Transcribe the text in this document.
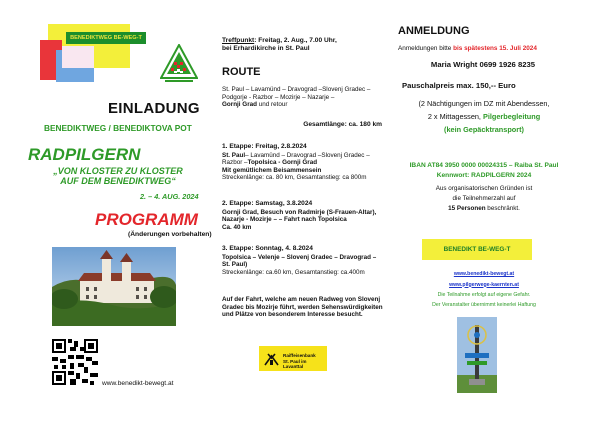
BENEDIKTWEG BE-WEG-T
EINLADUNG
BENEDIKTWEG / BENEDIKTOVA POT
RADPILGERN
„VON KLOSTER ZU KLOSTER
AUF DEM BENEDIKTWEG“
2. – 4. AUG. 2024
PROGRAMM
(Änderungen vorbehalten)
www.benedikt-bewegt.at
Treffpunkt: Freitag, 2. Aug., 7.00 Uhr,
bei Erhardikirche in St. Paul
ROUTE
St. Paul – Lavamünd – Dravograd –Slovenj Gradec – Podgorje - Razbor – Mozirje – Nazarje –
Gornji Grad und retour
Gesamtlänge: ca. 180 km
1. Etappe: Freitag, 2.8.2024
St. Paul– Lavamünd – Dravograd –Slovenj Gradec –
Razbor –Topolsica - Gornji Grad
Mit gemütlichem Beisammensein
Streckenlänge: ca. 80 km, Gesamtanstieg: ca 800m
2. Etappe: Samstag, 3.8.2024
Gornji Grad, Besuch von Radmirje (S-Frauen-Altar),
Nazarje - Mozirje – – Fahrt nach Topolsica
Ca. 40 km
3. Etappe: Sonntag, 4. 8.2024
Topolsica – Velenje – Slovenj Gradec – Dravograd –
St. Paul)
Streckenlänge: ca.60 km, Gesamtanstieg: ca.400m
Auf der Fahrt, welche am neuen Radweg von Slovenj Gradec bis Mozirje führt, werden Sehenswürdigkeiten und Plätze von besonderem Interesse besucht.
Raiffeisenbank
St. Paul im Lavanttal
ANMELDUNG
Anmeldungen bitte bis spätestens 15. Juli 2024
Maria Wright 0699 1926 8235
Pauschalpreis max. 150,-- Euro
(2 Nächtigungen im DZ mit Abendessen,
2 x Mittagessen, Pilgerbegleitung
(kein Gepäcktransport)
IBAN AT84 3950 0000 00024315 – Raiba St. Paul
Kennwort: RADPILGERN 2024
Aus organisatorischen Gründen ist
die Teilnehmerzahl auf
15 Personen beschränkt.
BENEDIKT BE-WEG-T
www.benedikt-bewegt.at
www.pilgerwege-kaernten.at
Die Teilnahme erfolgt auf eigene Gefahr.
Der Veranstalter übernimmt keinerlei Haftung
